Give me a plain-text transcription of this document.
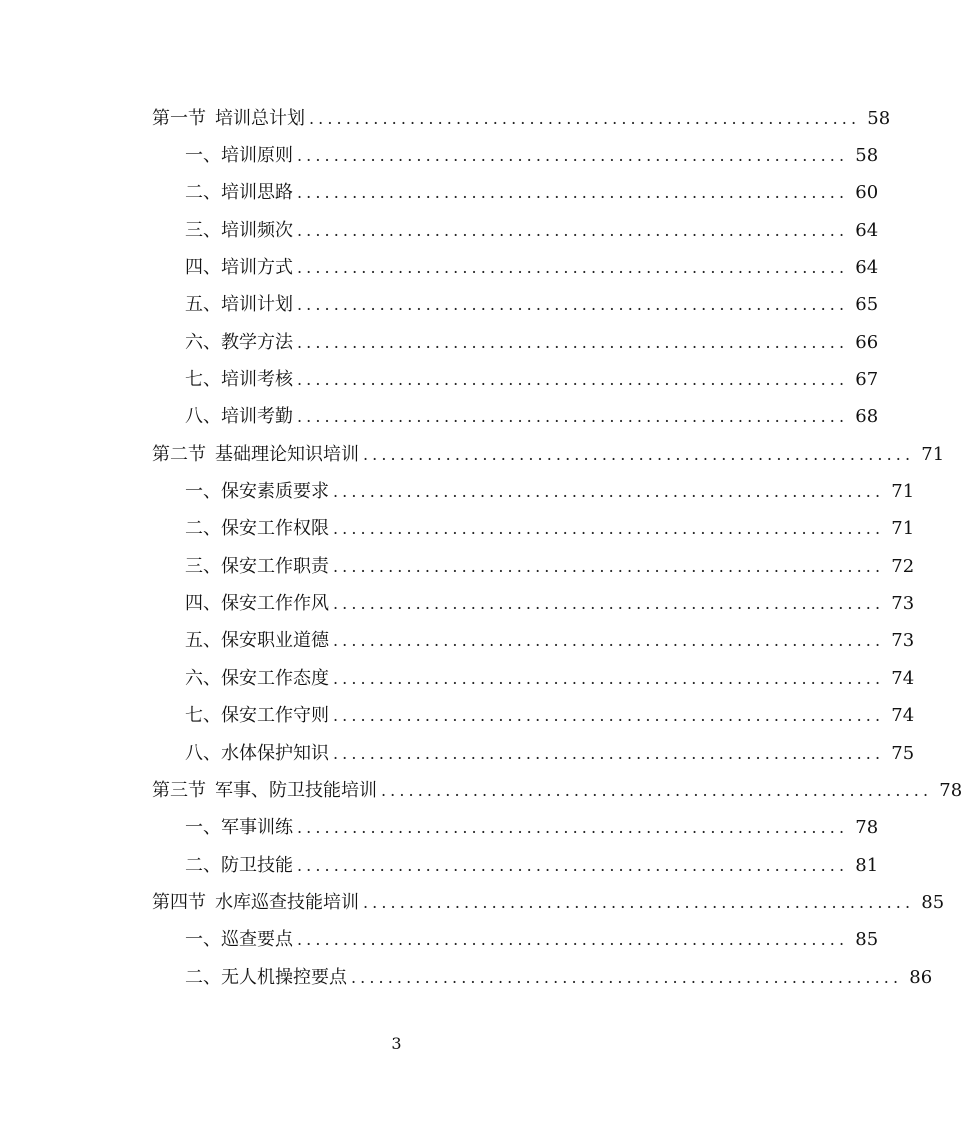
第一节 培训总计划 ............................................................ 58
一、培训原则 ............................................................ 58
二、培训思路 ............................................................ 60
三、培训频次 ............................................................ 64
四、培训方式 ............................................................ 64
五、培训计划 ............................................................ 65
六、教学方法 ............................................................ 66
七、培训考核 ............................................................ 67
八、培训考勤 ............................................................ 68
第二节 基础理论知识培训 ............................................................ 71
一、保安素质要求 ............................................................ 71
二、保安工作权限 ............................................................ 71
三、保安工作职责 ............................................................ 72
四、保安工作作风 ............................................................ 73
五、保安职业道德 ............................................................ 73
六、保安工作态度 ............................................................ 74
七、保安工作守则 ............................................................ 74
八、水体保护知识 ............................................................ 75
第三节 军事、防卫技能培训 ............................................................ 78
一、军事训练 ............................................................ 78
二、防卫技能 ............................................................ 81
第四节 水库巡查技能培训 ............................................................ 85
一、巡查要点 ............................................................ 85
二、无人机操控要点 ............................................................ 86
3
